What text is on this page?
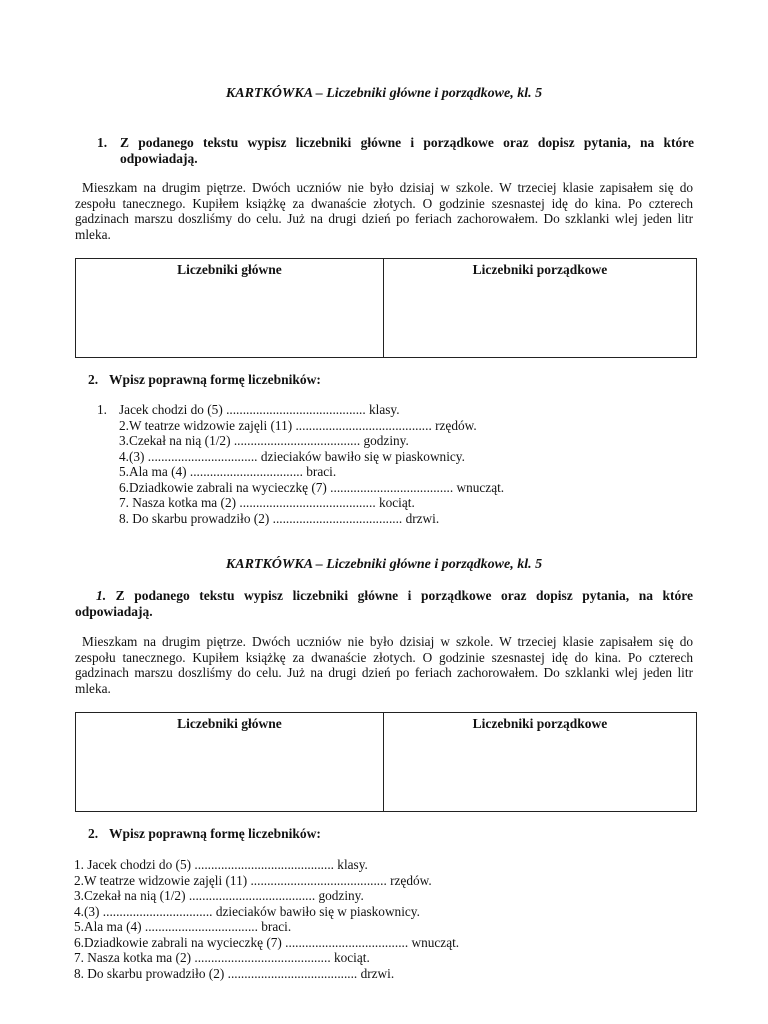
KARTKÓWKA – Liczebniki główne i porządkowe, kl. 5
1. Z podanego tekstu wypisz liczebniki główne i porządkowe oraz dopisz pytania, na które odpowiadają.
Mieszkam na drugim piętrze. Dwóch uczniów nie było dzisiaj w szkole. W trzeciej klasie zapisałem się do zespołu tanecznego. Kupiłem książkę za dwanaście złotych. O godzinie szesnastej idę do kina. Po czterech gadzinach marszu doszliśmy do celu. Już na drugi dzień po feriach zachorowałem. Do szklanki wlej jeden litr mleka.
Liczebniki główne	Liczebniki porządkowe
2. Wpisz poprawną formę liczebników:
1. Jacek chodzi do (5) .......................................... klasy.
2.W teatrze widzowie zajęli (11) ......................................... rzędów.
3.Czekał na nią (1/2) ...................................... godziny.
4.(3) ................................. dzieciaków bawiło się w piaskownicy.
5.Ala ma (4) .................................. braci.
6.Dziadkowie zabrali na wycieczkę (7) ..................................... wnucząt.
7. Nasza kotka ma (2) ......................................... kociąt.
8. Do skarbu prowadziło (2) ....................................... drzwi.
KARTKÓWKA – Liczebniki główne i porządkowe, kl. 5
1. Z podanego tekstu wypisz liczebniki główne i porządkowe oraz dopisz pytania, na które odpowiadają.
Mieszkam na drugim piętrze. Dwóch uczniów nie było dzisiaj w szkole. W trzeciej klasie zapisałem się do zespołu tanecznego. Kupiłem książkę za dwanaście złotych. O godzinie szesnastej idę do kina. Po czterech gadzinach marszu doszliśmy do celu. Już na drugi dzień po feriach zachorowałem. Do szklanki wlej jeden litr mleka.
Liczebniki główne	Liczebniki porządkowe
2. Wpisz poprawną formę liczebników:
1. Jacek chodzi do (5) .......................................... klasy.
2.W teatrze widzowie zajęli (11) ......................................... rzędów.
3.Czekał na nią (1/2) ...................................... godziny.
4.(3) ................................. dzieciaków bawiło się w piaskownicy.
5.Ala ma (4) .................................. braci.
6.Dziadkowie zabrali na wycieczkę (7) ..................................... wnucząt.
7. Nasza kotka ma (2) ......................................... kociąt.
8. Do skarbu prowadziło (2) ....................................... drzwi.
